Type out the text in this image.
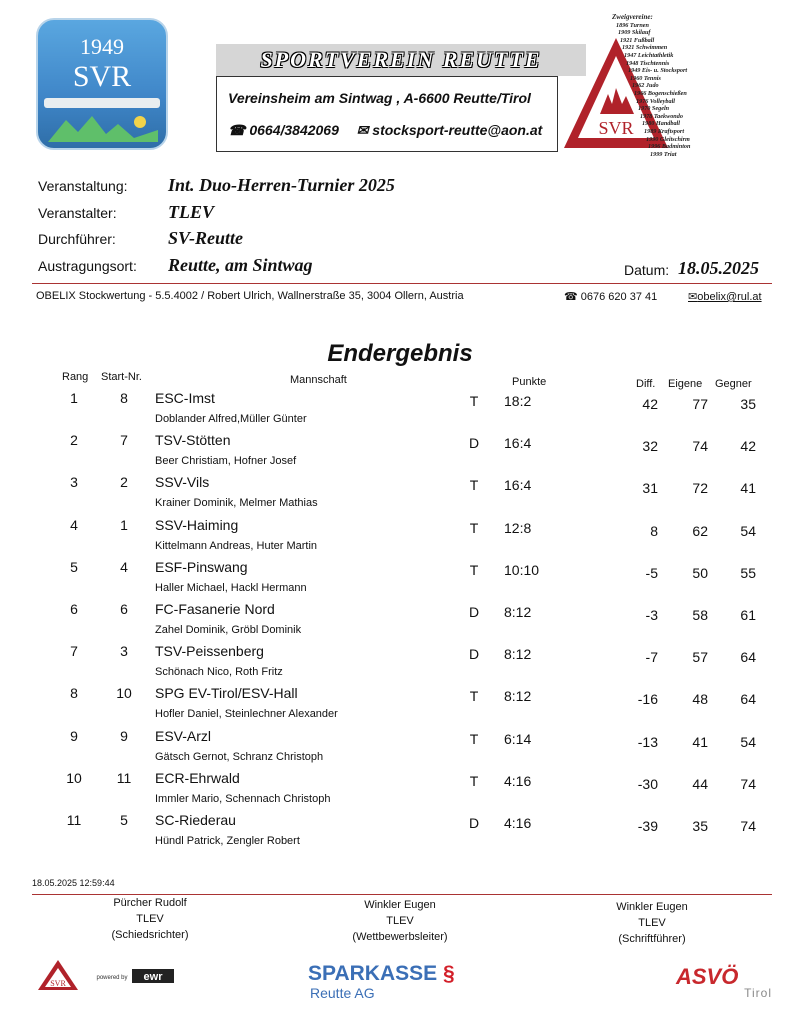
1949
SVR
SPORTVEREIN REUTTE
Vereinsheim am Sintwag , A-6600 Reutte/Tirol
☎ 0664/3842069 ✉ stocksport-reutte@aon.at	SVR
Zweigvereine:
1896 Turnen
1909 Skilauf
1921 Fußball
1921 Schwimmen
1947 Leichtathletik
1948 Tischtennis
1949 Eis- u. Stocksport
1960 Tennis
1962 Judo
1966 Bogenschießen
1976 Volleyball
1970 Segeln
1978 Taekwondo
1980 Handball
1989 Kraftsport
1990 Gleitschirm
1996 Badminton
1999 Triat
Veranstaltung: Int. Duo-Herren-Turnier 2025
Veranstalter:	TLEV
Durchführer:	SV-Reutte
Austragungsort: Reutte, am Sintwag	Datum: 18.05.2025
OBELIX Stockwertung - 5.5.4002 / Robert Ulrich, Wallnerstraße 35, 3004 Ollern, Austria	☎ 0676 620 37 41	✉obelix@rul.at
Endergebnis
Rang Start-Nr.	Mannschaft	Punkte	Diff. Eigene Gegner
1	8	ESC-Imst
Doblander Alfred,Müller Günter
T 18:2	42	77	35
2	7	TSV-Stötten
Beer Christiam, Hofner Josef
D 16:4	32	74	42
3	2	SSV-Vils
Krainer Dominik, Melmer Mathias
T 16:4	31	72	41
4	1	SSV-Haiming
Kittelmann Andreas, Huter Martin
T 12:8	8	62	54
5	4	ESF-Pinswang
Haller Michael, Hackl Hermann
T 10:10	-5	50	55
6	6	FC-Fasanerie Nord
Zahel Dominik, Gröbl Dominik
D 8:12	-3	58	61
7	3	TSV-Peissenberg
Schönach Nico, Roth Fritz
D 8:12	-7	57	64
8	10	SPG EV-Tirol/ESV-Hall
Hofler Daniel, Steinlechner Alexander
T 8:12	-16	48	64
9	9	ESV-Arzl
Gätsch Gernot, Schranz Christoph
T 6:14	-13	41	54
10	11	ECR-Ehrwald
Immler Mario, Schennach Christoph
T 4:16	-30	44	74
11	5	SC-Riederau
Hündl Patrick, Zengler Robert
D 4:16	-39	35	74
18.05.2025 12:59:44
Pürcher Rudolf
TLEV
(Schiedsrichter)
Winkler Eugen
TLEV
(Wettbewerbsleiter)
Winkler Eugen
TLEV
(Schriftführer)
SVR
powered by ewr	SPARKASSE §
Reutte AG
ASVÖ
Tirol
